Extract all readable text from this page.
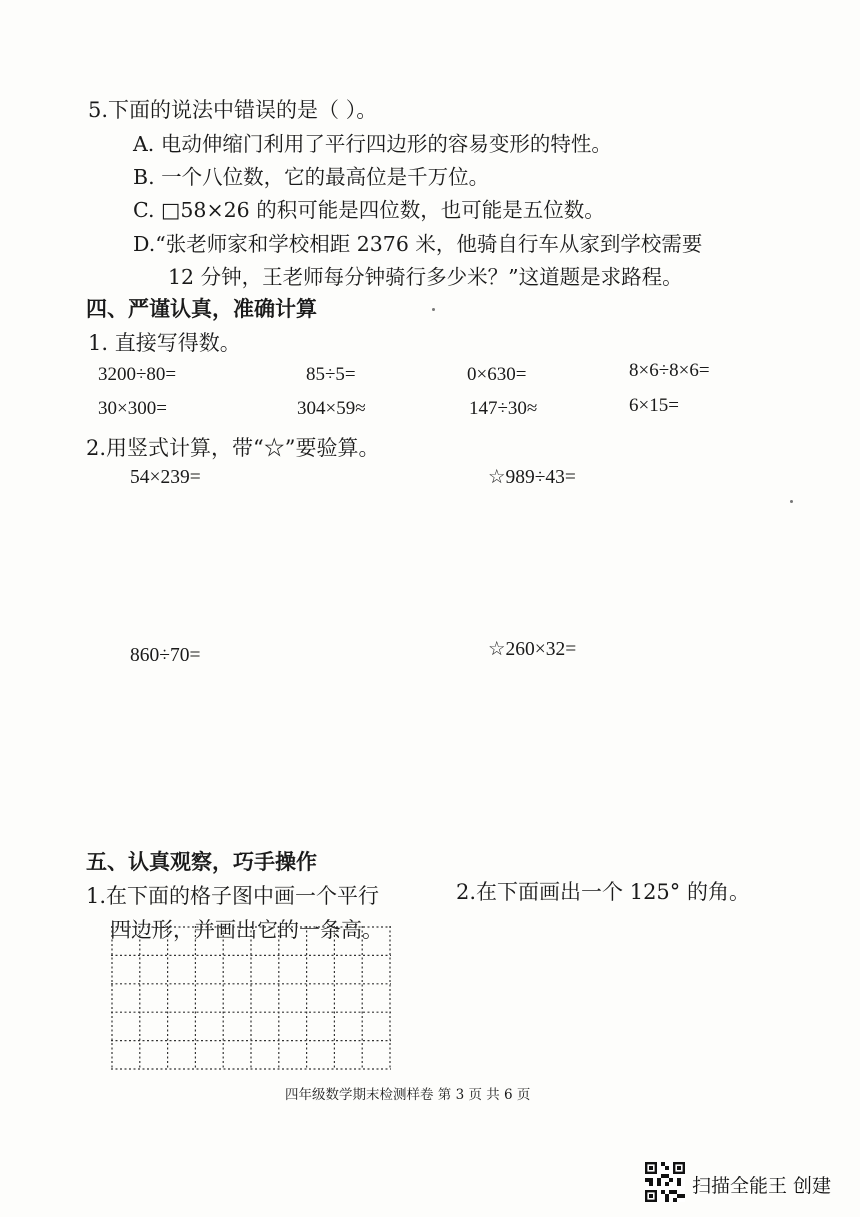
5.下面的说法中错误的是（ ）。
A. 电动伸缩门利用了平行四边形的容易变形的特性。
B. 一个八位数，它的最高位是千万位。
C. □58×26 的积可能是四位数，也可能是五位数。
D.“张老师家和学校相距 2376 米，他骑自行车从家到学校需要
12 分钟，王老师每分钟骑行多少米？”这道题是求路程。
四、严谨认真，准确计算
1. 直接写得数。
3200÷80=	85÷5=	0×630=	8×6÷8×6=
30×300=	304×59≈	147÷30≈	6×15=
2.用竖式计算，带“☆”要验算。
54×239=	☆989÷43=
860÷70=	☆260×32=
五、认真观察，巧手操作
1.在下面的格子图中画一个平行
四边形，并画出它的一条高。
2.在下面画出一个 125° 的角。
四年级数学期末检测样卷 第 3 页 共 6 页
扫描全能王 创建
